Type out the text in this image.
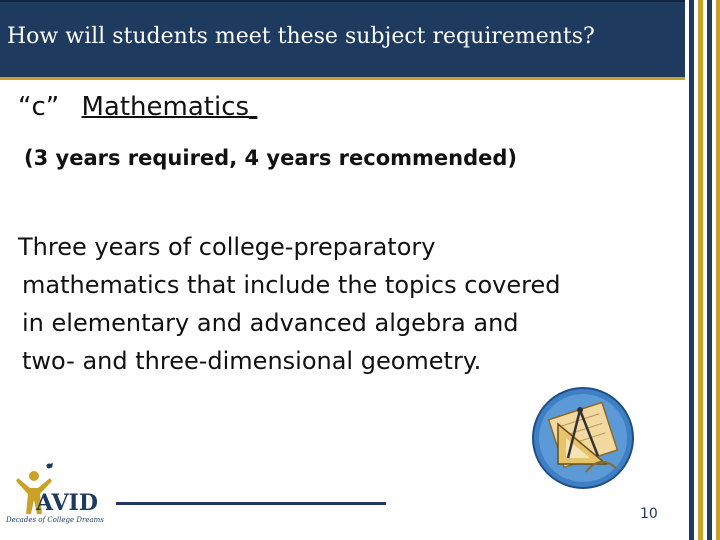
How will students meet these subject requirements?
“c” Mathematics
(3 years required, 4 years recommended)
Three years of college-preparatory mathematics that include the topics covered in elementary and advanced algebra and two- and three-dimensional geometry.
AVID
Decades of College Dreams	10
